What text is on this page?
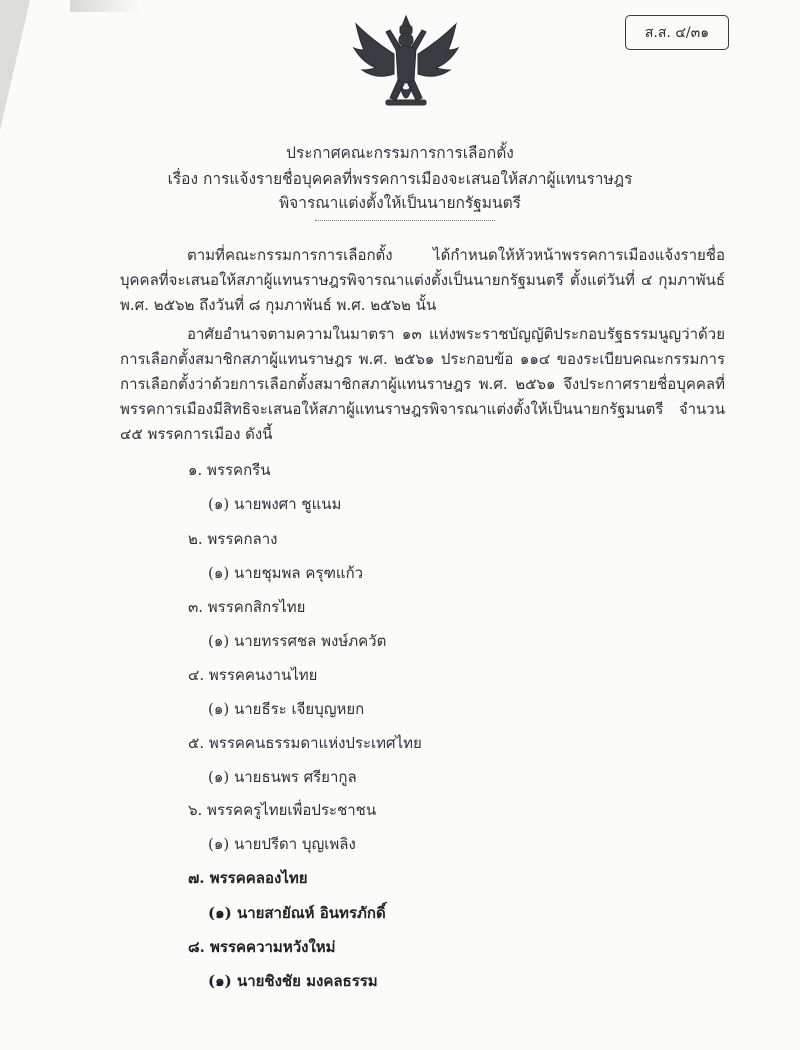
ส.ส. ๔/๓๑
ประกาศคณะกรรมการการเลือกตั้ง
เรื่อง การแจ้งรายชื่อบุคคลที่พรรคการเมืองจะเสนอให้สภาผู้แทนราษฎร
พิจารณาแต่งตั้งให้เป็นนายกรัฐมนตรี
ตามที่คณะกรรมการการเลือกตั้ง ได้กำหนดให้หัวหน้าพรรคการเมืองแจ้งรายชื่อบุคคลที่จะเสนอให้สภาผู้แทนราษฎรพิจารณาแต่งตั้งเป็นนายกรัฐมนตรี ตั้งแต่วันที่ ๔ กุมภาพันธ์ พ.ศ. ๒๕๖๒ ถึงวันที่ ๘ กุมภาพันธ์ พ.ศ. ๒๕๖๒ นั้น
อาศัยอำนาจตามความในมาตรา ๑๓ แห่งพระราชบัญญัติประกอบรัฐธรรมนูญว่าด้วยการเลือกตั้งสมาชิกสภาผู้แทนราษฎร พ.ศ. ๒๕๖๑ ประกอบข้อ ๑๑๔ ของระเบียบคณะกรรมการการเลือกตั้งว่าด้วยการเลือกตั้งสมาชิกสภาผู้แทนราษฎร พ.ศ. ๒๕๖๑ จึงประกาศรายชื่อบุคคลที่พรรคการเมืองมีสิทธิจะเสนอให้สภาผู้แทนราษฎรพิจารณาแต่งตั้งให้เป็นนายกรัฐมนตรี จำนวน ๔๕ พรรคการเมือง ดังนี้
๑. พรรคกรีน
(๑) นายพงศา ชูแนม
๒. พรรคกลาง
(๑) นายชุมพล ครุฑแก้ว
๓. พรรคกสิกรไทย
(๑) นายทรรศชล พงษ์ภควัต
๔. พรรคคนงานไทย
(๑) นายธีระ เจียบุญหยก
๕. พรรคคนธรรมดาแห่งประเทศไทย
(๑) นายธนพร ศรียากูล
๖. พรรคครูไทยเพื่อประชาชน
(๑) นายปรีดา บุญเพลิง
๗. พรรคคลองไทย
(๑) นายสายัณห์ อินทรภักดิ์
๘. พรรคความหวังใหม่
(๑) นายชิงชัย มงคลธรรม
